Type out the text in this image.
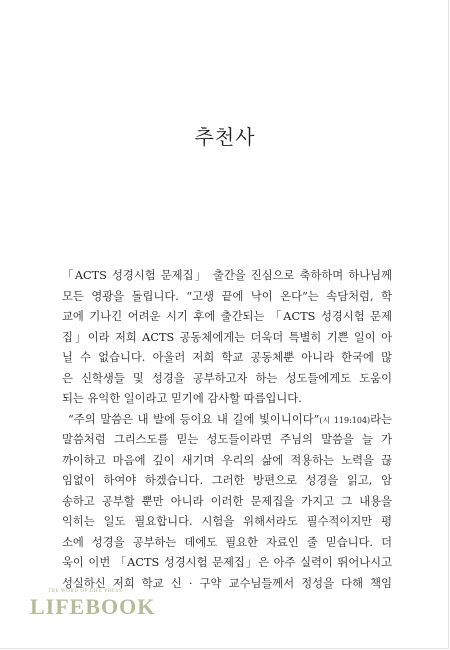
추천사
「ACTS 성경시험 문제집」 출간을 진심으로 축하하며 하나님께
모든 영광을 돌립니다. “고생 끝에 낙이 온다”는 속담처럼, 학
교에 기나긴 어려운 시기 후에 출간되는 「ACTS 성경시험 문제
집」이라 저희 ACTS 공동체에게는 더욱더 특별히 기쁜 일이 아
닐 수 없습니다. 아울러 저희 학교 공동체뿐 아니라 한국에 많
은 신학생들 및 성경을 공부하고자 하는 성도들에게도 도움이
되는 유익한 일이라고 믿기에 감사할 따름입니다.
“주의 말씀은 내 발에 등이요 내 길에 빛이니이다”(시 119:104)라는
말씀처럼 그리스도를 믿는 성도들이라면 주님의 말씀을 늘 가
까이하고 마음에 깊이 새기며 우리의 삶에 적용하는 노력을 끊
임없이 하여야 하겠습니다. 그러한 방편으로 성경을 읽고, 암
송하고 공부할 뿐만 아니라 이러한 문제집을 가지고 그 내용을
익히는 일도 필요합니다. 시험을 위해서라도 필수적이지만 평
소에 성경을 공부하는 데에도 필요한 자료인 줄 믿습니다. 더
욱이 이번 「ACTS 성경시험 문제집」은 아주 실력이 뛰어나시고
성실하신 저희 학교 신 · 구약 교수님들께서 정성을 다해 책임
THE WORD OF LIFE PRESS
LIFEBOOK
